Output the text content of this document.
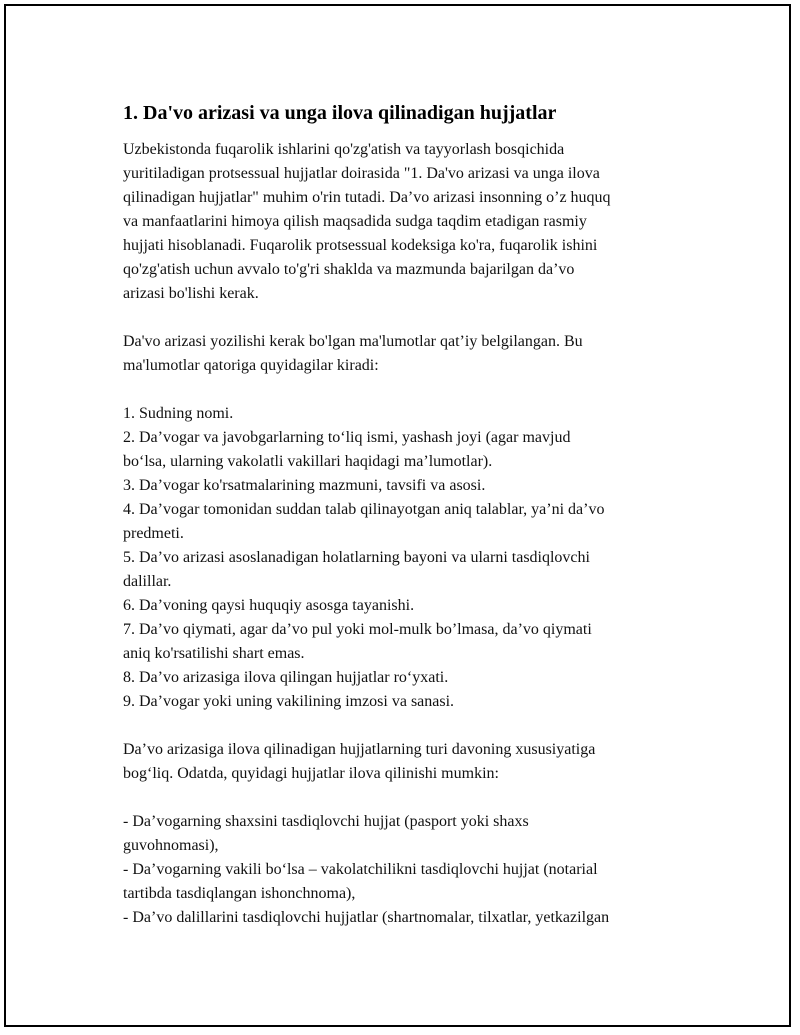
1. Da'vo arizasi va unga ilova qilinadigan hujjatlar
Uzbekistonda fuqarolik ishlarini qo'zg'atish va tayyorlash bosqichida
yuritiladigan protsessual hujjatlar doirasida "1. Da'vo arizasi va unga ilova
qilinadigan hujjatlar" muhim o'rin tutadi. Da’vo arizasi insonning o’z huquq
va manfaatlarini himoya qilish maqsadida sudga taqdim etadigan rasmiy
hujjati hisoblanadi. Fuqarolik protsessual kodeksiga ko'ra, fuqarolik ishini
qo'zg'atish uchun avvalo to'g'ri shaklda va mazmunda bajarilgan da’vo
arizasi bo'lishi kerak.
Da'vo arizasi yozilishi kerak bo'lgan ma'lumotlar qat’iy belgilangan. Bu
ma'lumotlar qatoriga quyidagilar kiradi:
1. Sudning nomi.
2. Da’vogar va javobgarlarning to‘liq ismi, yashash joyi (agar mavjud
bo‘lsa, ularning vakolatli vakillari haqidagi ma’lumotlar).
3. Da’vogar ko'rsatmalarining mazmuni, tavsifi va asosi.
4. Da’vogar tomonidan suddan talab qilinayotgan aniq talablar, ya’ni da’vo
predmeti.
5. Da’vo arizasi asoslanadigan holatlarning bayoni va ularni tasdiqlovchi
dalillar.
6. Da’voning qaysi huquqiy asosga tayanishi.
7. Da’vo qiymati, agar da’vo pul yoki mol-mulk bo’lmasa, da’vo qiymati
aniq ko'rsatilishi shart emas.
8. Da’vo arizasiga ilova qilingan hujjatlar ro‘yxati.
9. Da’vogar yoki uning vakilining imzosi va sanasi.
Da’vo arizasiga ilova qilinadigan hujjatlarning turi davoning xususiyatiga
bog‘liq. Odatda, quyidagi hujjatlar ilova qilinishi mumkin:
- Da’vogarning shaxsini tasdiqlovchi hujjat (pasport yoki shaxs
guvohnomasi),
- Da’vogarning vakili bo‘lsa – vakolatchilikni tasdiqlovchi hujjat (notarial
tartibda tasdiqlangan ishonchnoma),
- Da’vo dalillarini tasdiqlovchi hujjatlar (shartnomalar, tilxatlar, yetkazilgan
